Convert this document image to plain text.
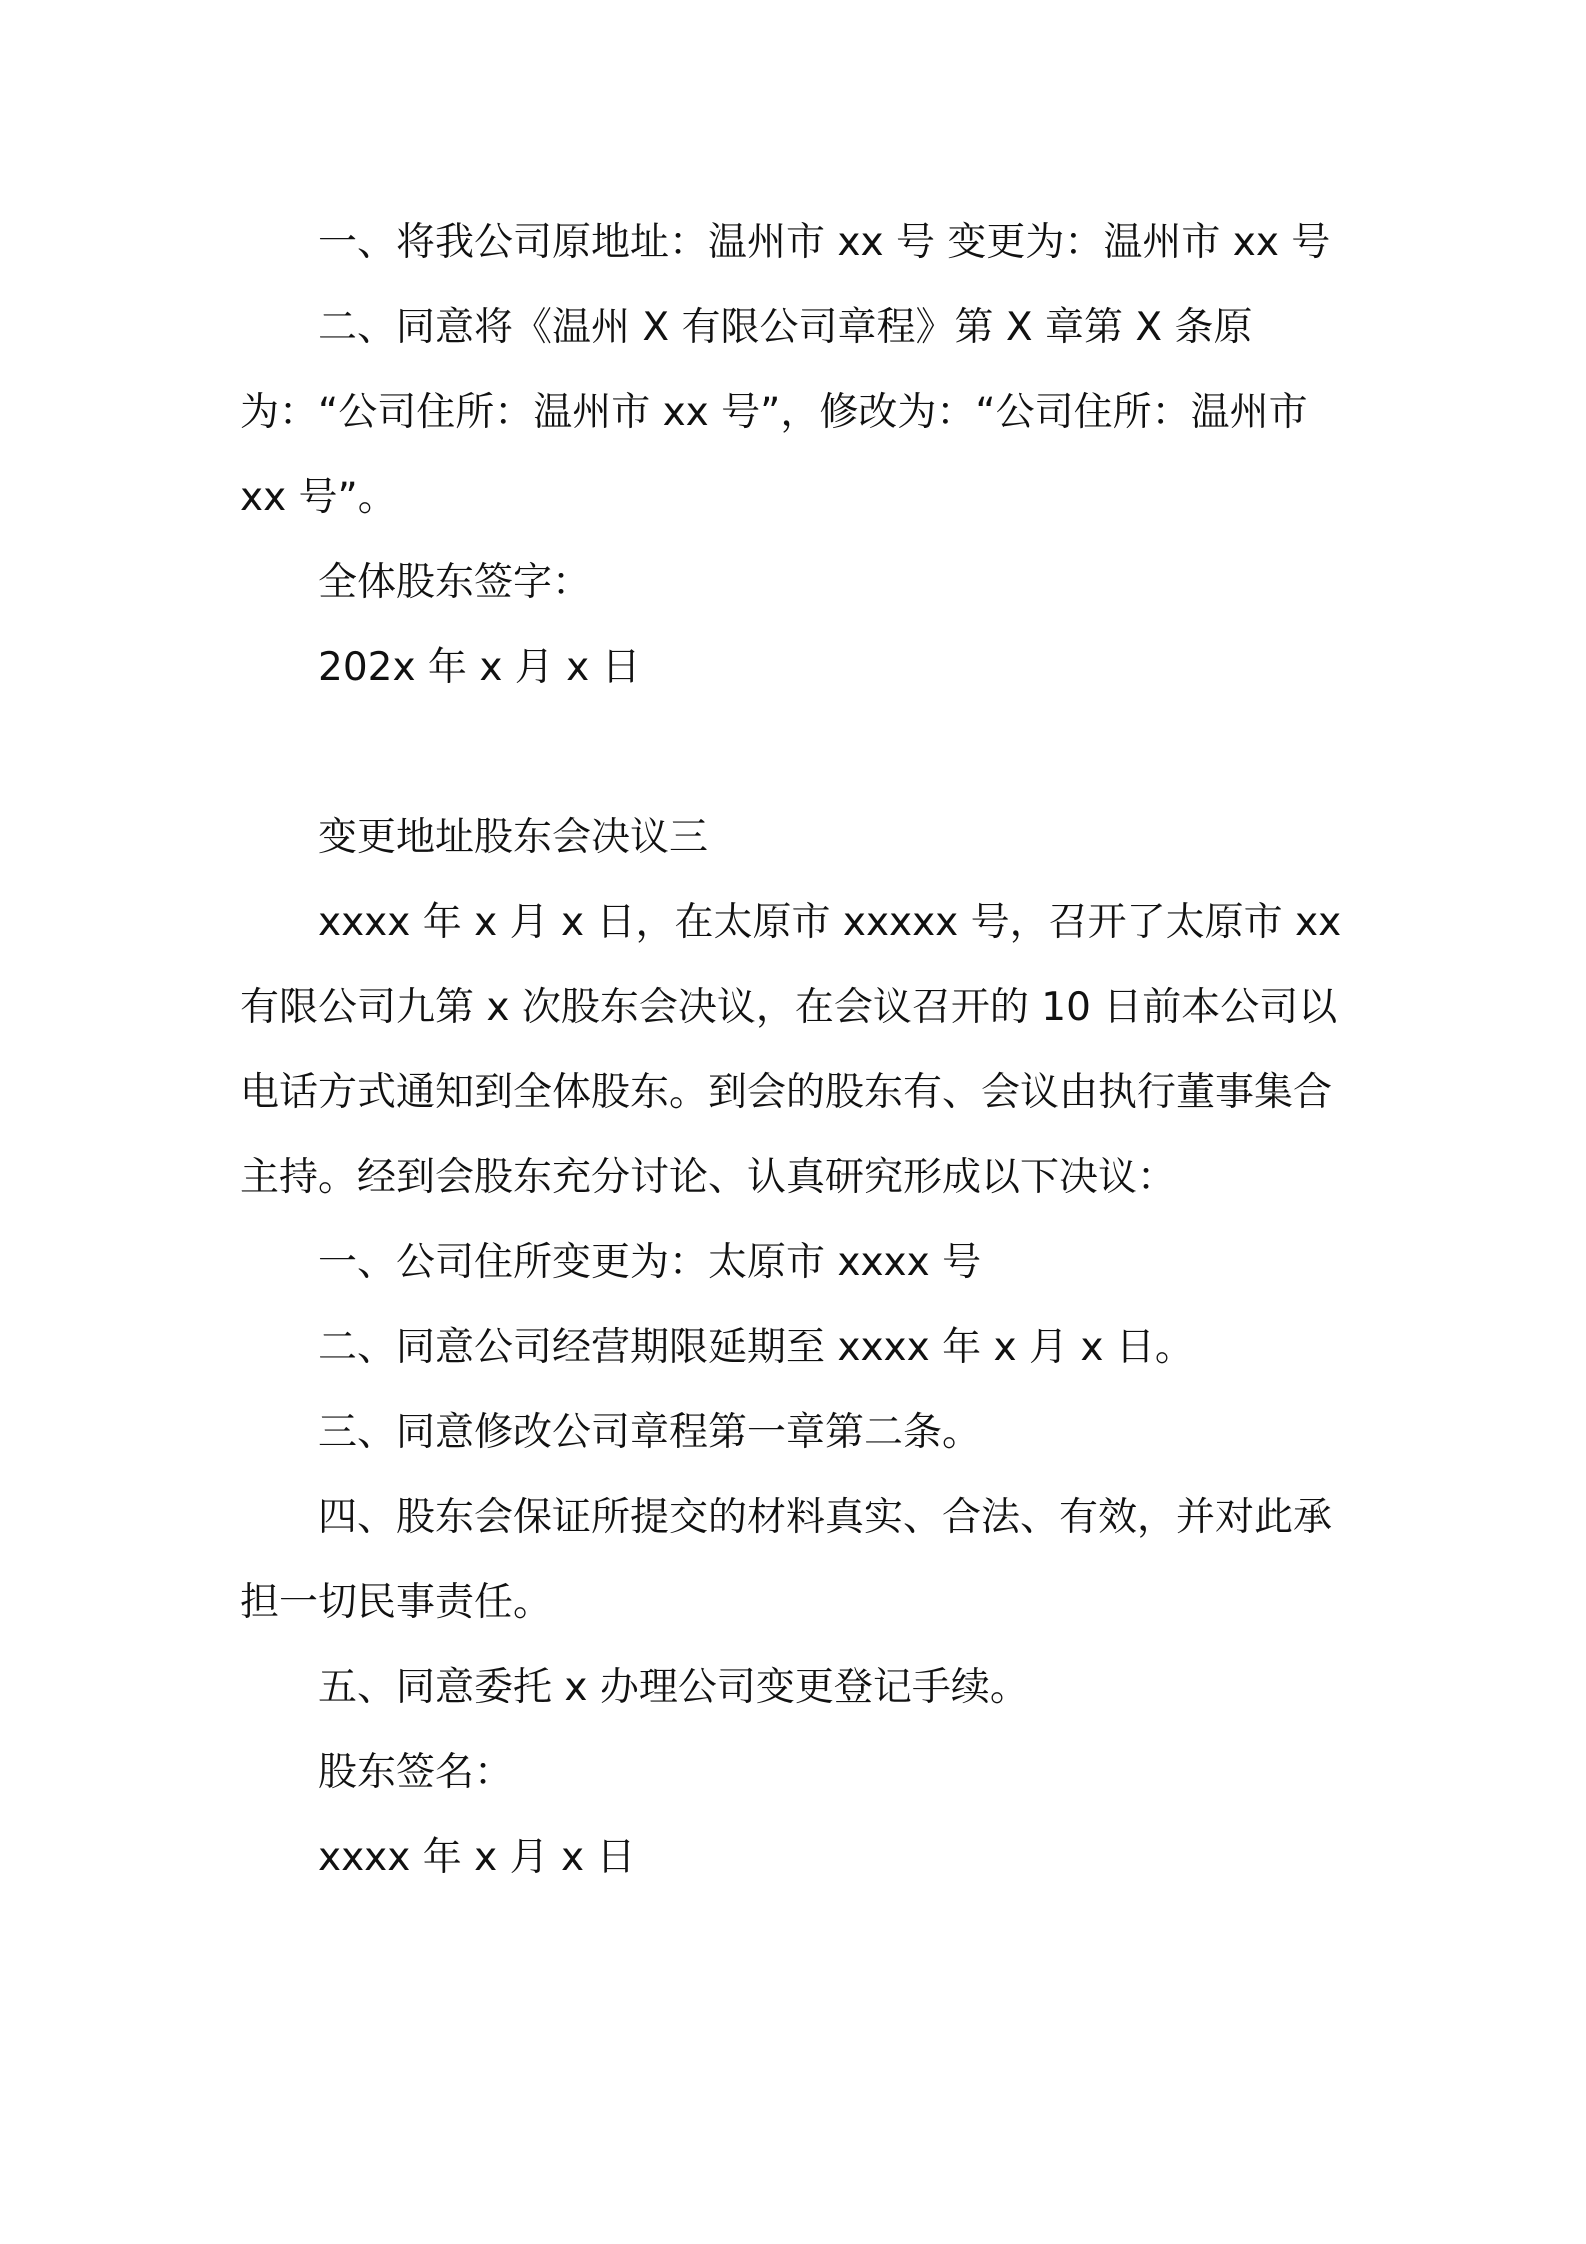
一、将我公司原地址：温州市 xx 号 变更为：温州市 xx 号

二、同意将《温州 X 有限公司章程》第 X 章第 X 条原为：“公司住所：温州市 xx 号”，修改为：“公司住所：温州市 xx 号”。

全体股东签字：

202x 年 x 月 x 日

变更地址股东会决议三

xxxx 年 x 月 x 日，在太原市 xxxxx 号，召开了太原市 xx 有限公司九第 x 次股东会决议，在会议召开的 10 日前本公司以电话方式通知到全体股东。到会的股东有、会议由执行董事集合主持。经到会股东充分讨论、认真研究形成以下决议：

一、公司住所变更为：太原市 xxxx 号

二、同意公司经营期限延期至 xxxx 年 x 月 x 日。

三、同意修改公司章程第一章第二条。

四、股东会保证所提交的材料真实、合法、有效，并对此承担一切民事责任。

五、同意委托 x 办理公司变更登记手续。

股东签名：

xxxx 年 x 月 x 日
